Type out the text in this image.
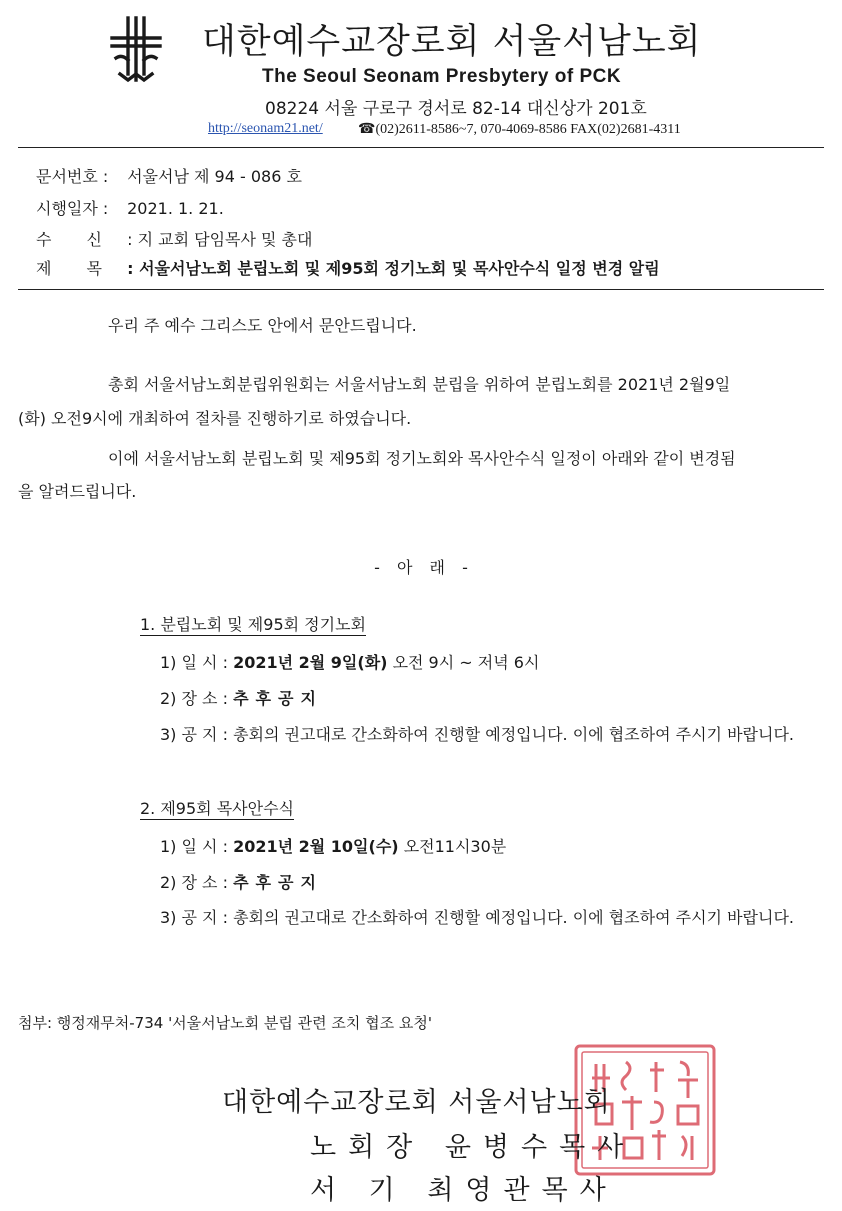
대한예수교장로회 서울서남노회
The Seoul Seonam Presbytery of PCK
08224 서울 구로구 경서로 82-14 대신상가 201호
http://seonam21.net/	☎(02)2611-8586~7, 070-4069-8586 FAX(02)2681-4311
문서번호 : 서울서남 제 94 - 086 호
시행일자 : 2021. 1. 21.
수 신 : 지 교회 담임목사 및 총대
제 목 : 서울서남노회 분립노회 및 제95회 정기노회 및 목사안수식 일정 변경 알림
우리 주 예수 그리스도 안에서 문안드립니다.
총회 서울서남노회분립위원회는 서울서남노회 분립을 위하여 분립노회를 2021년 2월9일
(화) 오전9시에 개최하여 절차를 진행하기로 하였습니다.
이에 서울서남노회 분립노회 및 제95회 정기노회와 목사안수식 일정이 아래와 같이 변경됨
을 알려드립니다.
- 아 래 -
1. 분립노회 및 제95회 정기노회
1) 일 시 : 2021년 2월 9일(화) 오전 9시 ~ 저녁 6시
2) 장 소 : 추후공지
3) 공 지 : 총회의 권고대로 간소화하여 진행할 예정입니다. 이에 협조하여 주시기 바랍니다.
2. 제95회 목사안수식
1) 일 시 : 2021년 2월 10일(수) 오전11시30분
2) 장 소 : 추후공지
3) 공 지 : 총회의 권고대로 간소화하여 진행할 예정입니다. 이에 협조하여 주시기 바랍니다.
첨부: 행정재무처-734 '서울서남노회 분립 관련 조치 협조 요청'
대한예수교장로회 서울서남노회
노회장 윤병수목사
서 기 최영관목사
